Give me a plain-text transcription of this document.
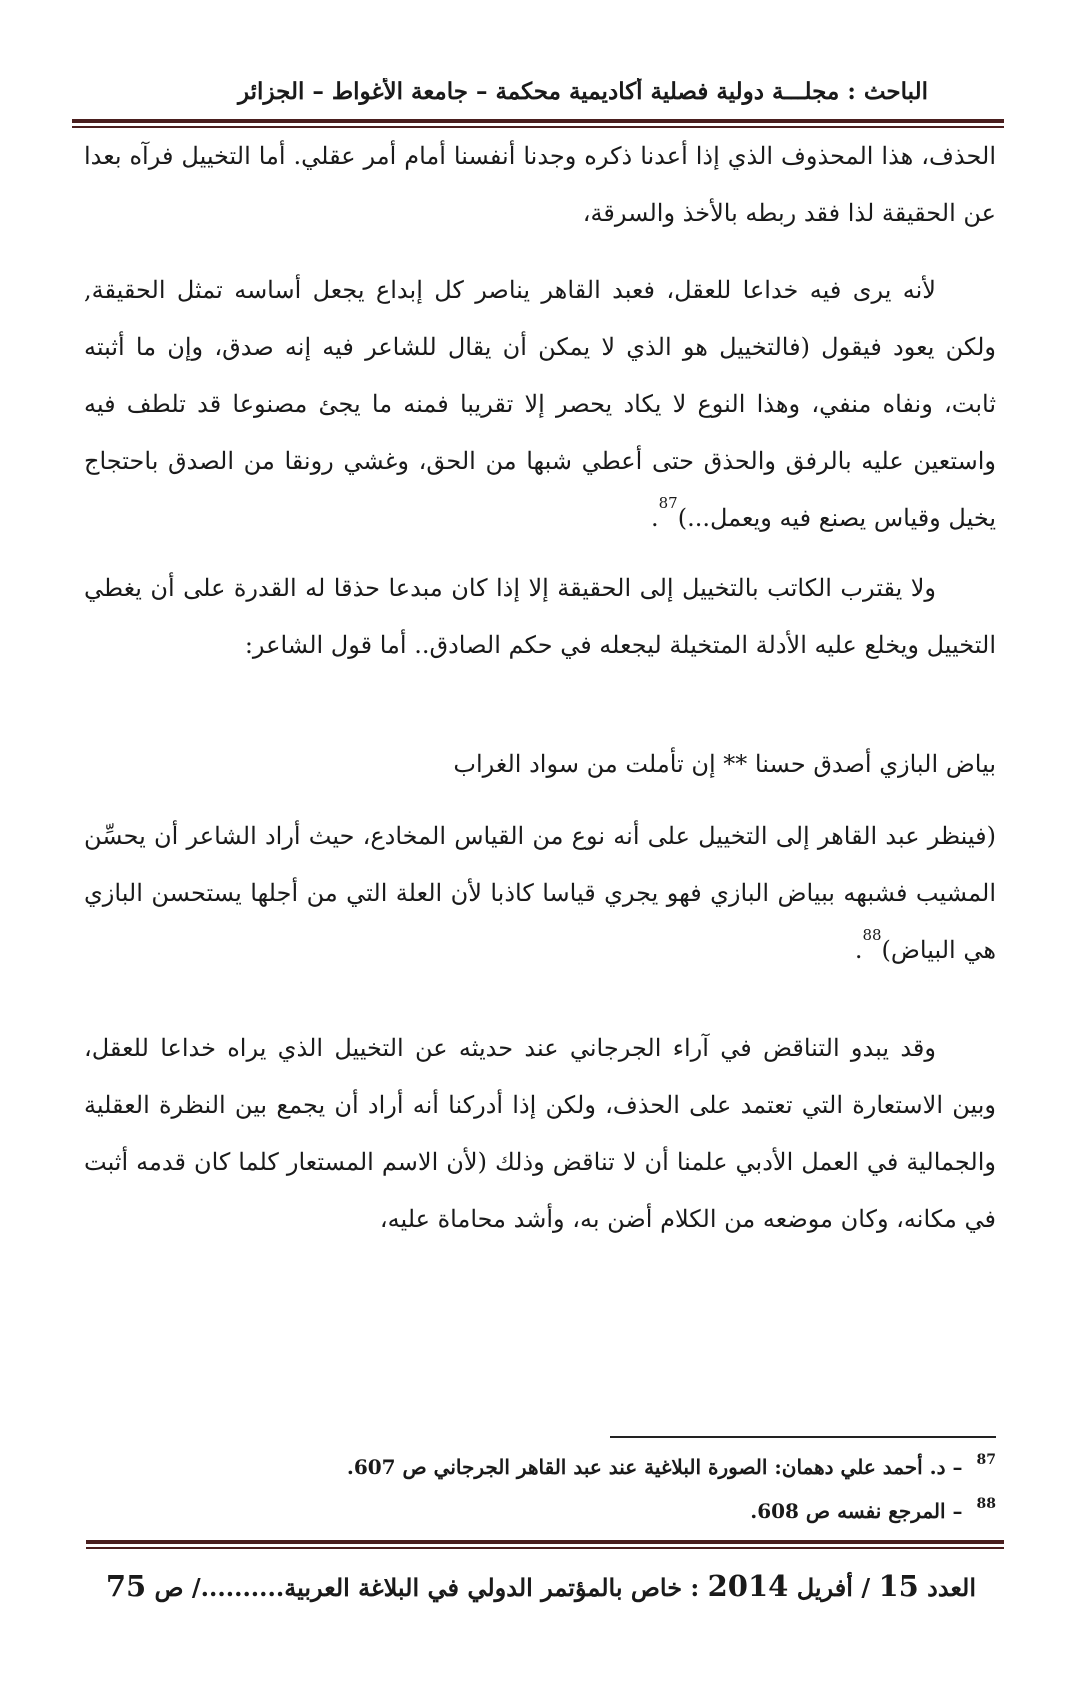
الباحث : مجلـــة دولية فصلية أكاديمية محكمة – جامعة الأغواط – الجزائر

الحذف، هذا المحذوف الذي إذا أعدنا ذكره وجدنا أنفسنا أمام أمر عقلي. أما التخييل فرآه بعدا عن الحقيقة لذا فقد ربطه بالأخذ والسرقة،

لأنه يرى فيه خداعا للعقل، فعبد القاهر يناصر كل إبداع يجعل أساسه تمثل الحقيقة, ولكن يعود فيقول (فالتخييل هو الذي لا يمكن أن يقال للشاعر فيه إنه صدق، وإن ما أثبته ثابت، ونفاه منفي، وهذا النوع لا يكاد يحصر إلا تقريبا فمنه ما يجئ مصنوعا قد تلطف فيه واستعين عليه بالرفق والحذق حتى أعطي شبها من الحق، وغشي رونقا من الصدق باحتجاج يخيل وقياس يصنع فيه ويعمل...)$^{87}$.

ولا يقترب الكاتب بالتخييل إلى الحقيقة إلا إذا كان مبدعا حذقا له القدرة على أن يغطي التخييل ويخلع عليه الأدلة المتخيلة ليجعله في حكم الصادق.. أما قول الشاعر:

بياض البازي أصدق حسنا ** إن تأملت من سواد الغراب

(فينظر عبد القاهر إلى التخييل على أنه نوع من القياس المخادع، حيث أراد الشاعر أن يحسِّن المشيب فشبهه ببياض البازي فهو يجري قياسا كاذبا لأن العلة التي من أجلها يستحسن البازي هي البياض)$^{88}$.

وقد يبدو التناقض في آراء الجرجاني عند حديثه عن التخييل الذي يراه خداعا للعقل، وبين الاستعارة التي تعتمد على الحذف، ولكن إذا أدركنا أنه أراد أن يجمع بين النظرة العقلية والجمالية في العمل الأدبي علمنا أن لا تناقض وذلك (لأن الاسم المستعار كلما كان قدمه أثبت في مكانه، وكان موضعه من الكلام أضن به، وأشد محاماة عليه،

$^{87}$– د. أحمد علي دهمان: الصورة البلاغية عند عبد القاهر الجرجاني ص 607.
$^{88}$– المرجع نفسه ص 608.
العدد 15 / أفريل 2014 : خاص بالمؤتمر الدولي في البلاغة العربية........../ ص 75
